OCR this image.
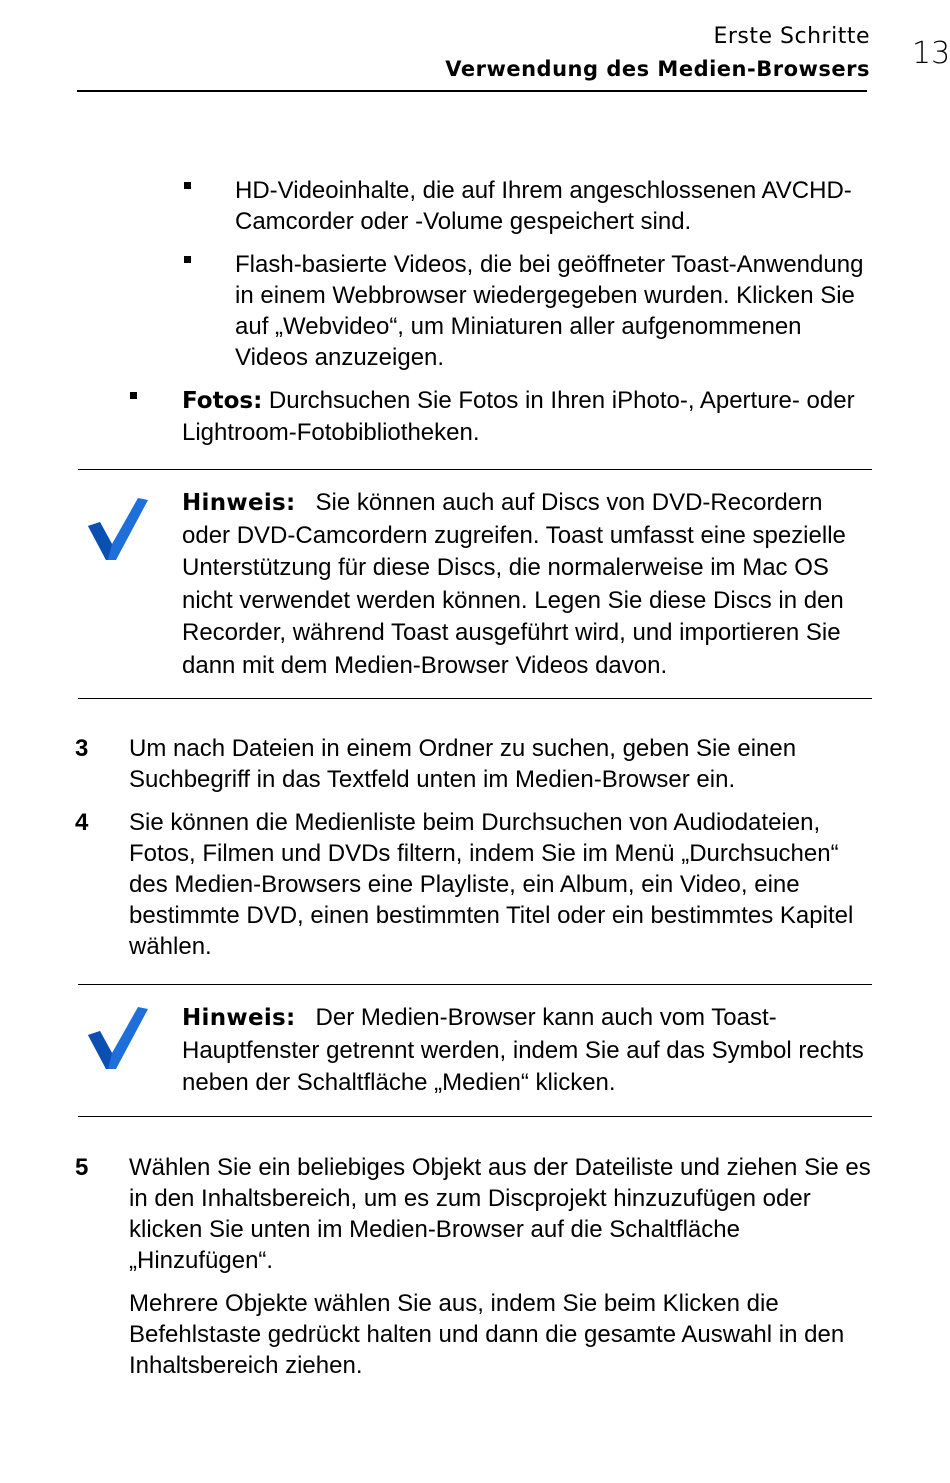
Erste Schritte
Verwendung des Medien-Browsers 13
HD-Videoinhalte, die auf Ihrem angeschlossenen AVCHD-Camcorder oder -Volume gespeichert sind.
Flash-basierte Videos, die bei geöffneter Toast-Anwendung in einem Webbrowser wiedergegeben wurden. Klicken Sie auf „Webvideo“, um Miniaturen aller aufgenommenen Videos anzuzeigen.
Fotos: Durchsuchen Sie Fotos in Ihren iPhoto-, Aperture- oder Lightroom-Fotobibliotheken.
Hinweis: Sie können auch auf Discs von DVD-Recordern oder DVD-Camcordern zugreifen. Toast umfasst eine spezielle Unterstützung für diese Discs, die normalerweise im Mac OS nicht verwendet werden können. Legen Sie diese Discs in den Recorder, während Toast ausgeführt wird, und importieren Sie dann mit dem Medien-Browser Videos davon.
3 Um nach Dateien in einem Ordner zu suchen, geben Sie einen Suchbegriff in das Textfeld unten im Medien-Browser ein.
4 Sie können die Medienliste beim Durchsuchen von Audiodateien, Fotos, Filmen und DVDs filtern, indem Sie im Menü „Durchsuchen“ des Medien-Browsers eine Playliste, ein Album, ein Video, eine bestimmte DVD, einen bestimmten Titel oder ein bestimmtes Kapitel wählen.
Hinweis: Der Medien-Browser kann auch vom Toast-Hauptfenster getrennt werden, indem Sie auf das Symbol rechts neben der Schaltfläche „Medien“ klicken.
5 Wählen Sie ein beliebiges Objekt aus der Dateiliste und ziehen Sie es in den Inhaltsbereich, um es zum Discprojekt hinzuzufügen oder klicken Sie unten im Medien-Browser auf die Schaltfläche „Hinzufügen“.
Mehrere Objekte wählen Sie aus, indem Sie beim Klicken die Befehlstaste gedrückt halten und dann die gesamte Auswahl in den Inhaltsbereich ziehen.
